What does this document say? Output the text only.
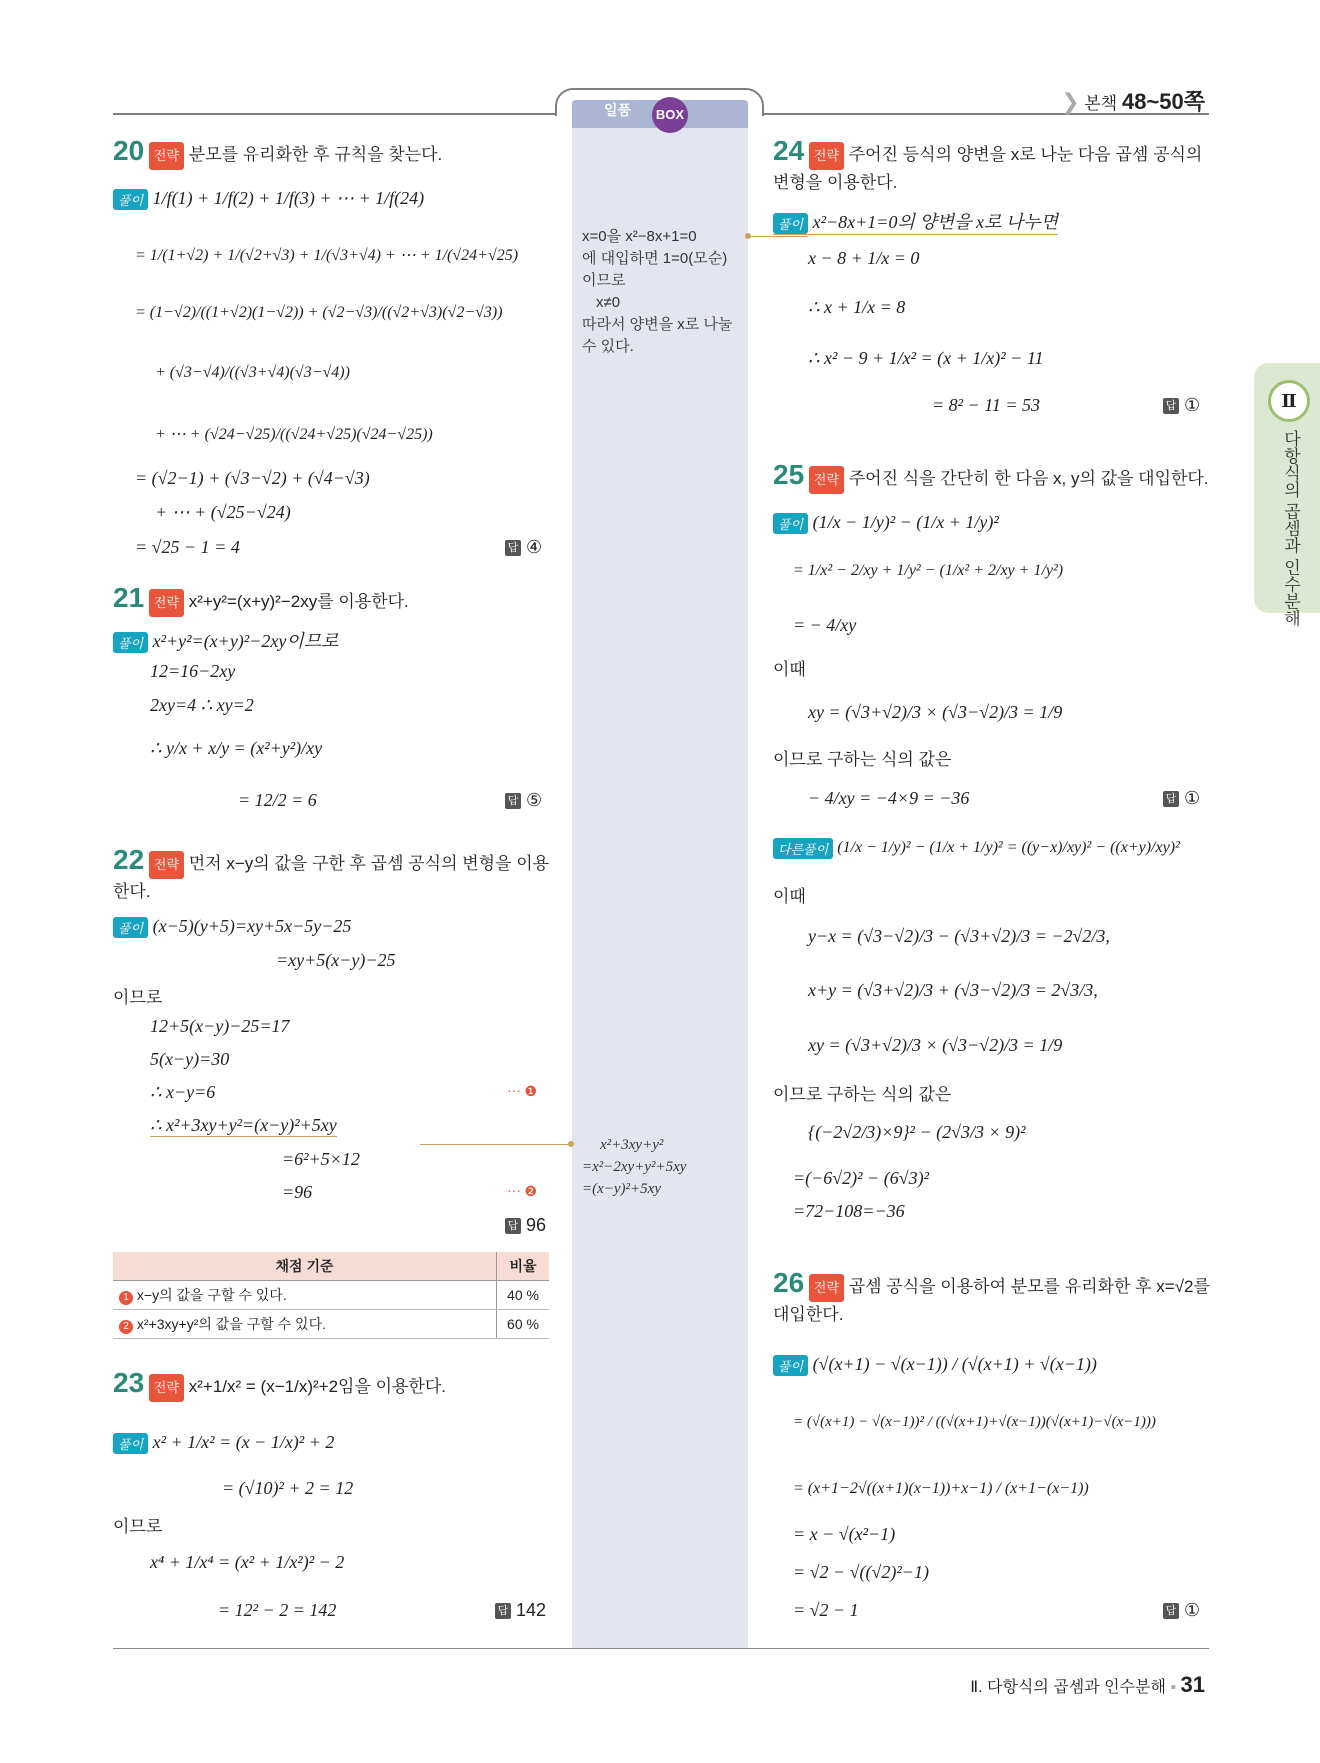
일품	BOX
❯ 본책 48~50쪽
Ⅱ
다항식의 곱셈과 인수분해
20 전략 분모를 유리화한 후 규칙을 찾는다.
풀이 1/f(1) + 1/f(2) + 1/f(3) + ⋯ + 1/f(24)
= 1/(1+√2) + 1/(√2+√3) + 1/(√3+√4) + ⋯ + 1/(√24+√25)
= (1−√2)/((1+√2)(1−√2)) + (√2−√3)/((√2+√3)(√2−√3))
+ (√3−√4)/((√3+√4)(√3−√4))
+ ⋯ + (√24−√25)/((√24+√25)(√24−√25))
= (√2−1) + (√3−√2) + (√4−√3)
+ ⋯ + (√25−√24)
= √25 − 1 = 4	답 ④
21 전략 x²+y²=(x+y)²−2xy를 이용한다.
풀이 x²+y²=(x+y)²−2xy이므로
12=16−2xy
2xy=4 ∴ xy=2
∴ y/x + x/y = (x²+y²)/xy
= 12/2 = 6	답 ⑤
22 전략 먼저 x−y의 값을 구한 후 곱셈 공식의 변형을 이용한다.
풀이 (x−5)(y+5)=xy+5x−5y−25
=xy+5(x−y)−25
이므로
12+5(x−y)−25=17
5(x−y)=30
∴ x−y=6	··· ❶
∴ x²+3xy+y²=(x−y)²+5xy
=6²+5×12
=96	··· ❷
답 96
채점 기준	비율
1 x−y의 값을 구할 수 있다.	40 %
2 x²+3xy+y²의 값을 구할 수 있다.	60 %
23 전략 x²+1/x² = (x−1/x)²+2임을 이용한다.
풀이 x² + 1/x² = (x − 1/x)² + 2
= (√10)² + 2 = 12
이므로
x⁴ + 1/x⁴ = (x² + 1/x²)² − 2
= 12² − 2 = 142	답 142
x=0을 x²−8x+1=0
에 대입하면 1=0(모순)
이므로
x≠0
따라서 양변을 x로 나눌
수 있다.
x²+3xy+y²
=x²−2xy+y²+5xy
=(x−y)²+5xy
24 전략 주어진 등식의 양변을 x로 나눈 다음 곱셈 공식의 변형을 이용한다.
풀이 x²−8x+1=0의 양변을 x로 나누면
x − 8 + 1/x = 0
∴ x + 1/x = 8
∴ x² − 9 + 1/x² = (x + 1/x)² − 11
= 8² − 11 = 53	답 ①
25 전략 주어진 식을 간단히 한 다음 x, y의 값을 대입한다.
풀이 (1/x − 1/y)² − (1/x + 1/y)²
= 1/x² − 2/xy + 1/y² − (1/x² + 2/xy + 1/y²)
= − 4/xy
이때
xy = (√3+√2)/3 × (√3−√2)/3 = 1/9
이므로 구하는 식의 값은
− 4/xy = −4×9 = −36	답 ①
다른풀이 (1/x − 1/y)² − (1/x + 1/y)² = ((y−x)/xy)² − ((x+y)/xy)²
이때
y−x = (√3−√2)/3 − (√3+√2)/3 = −2√2/3,
x+y = (√3+√2)/3 + (√3−√2)/3 = 2√3/3,
xy = (√3+√2)/3 × (√3−√2)/3 = 1/9
이므로 구하는 식의 값은
{(−2√2/3)×9}² − (2√3/3 × 9)²
=(−6√2)² − (6√3)²
=72−108=−36
26 전략 곱셈 공식을 이용하여 분모를 유리화한 후 x=√2를 대입한다.
풀이 (√(x+1) − √(x−1)) / (√(x+1) + √(x−1))
= (√(x+1) − √(x−1))² / ((√(x+1)+√(x−1))(√(x+1)−√(x−1)))
= (x+1−2√((x+1)(x−1))+x−1) / (x+1−(x−1))
= x − √(x²−1)
= √2 − √((√2)²−1)
= √2 − 1	답 ①
Ⅱ. 다항식의 곱셈과 인수분해 ▪ 31
